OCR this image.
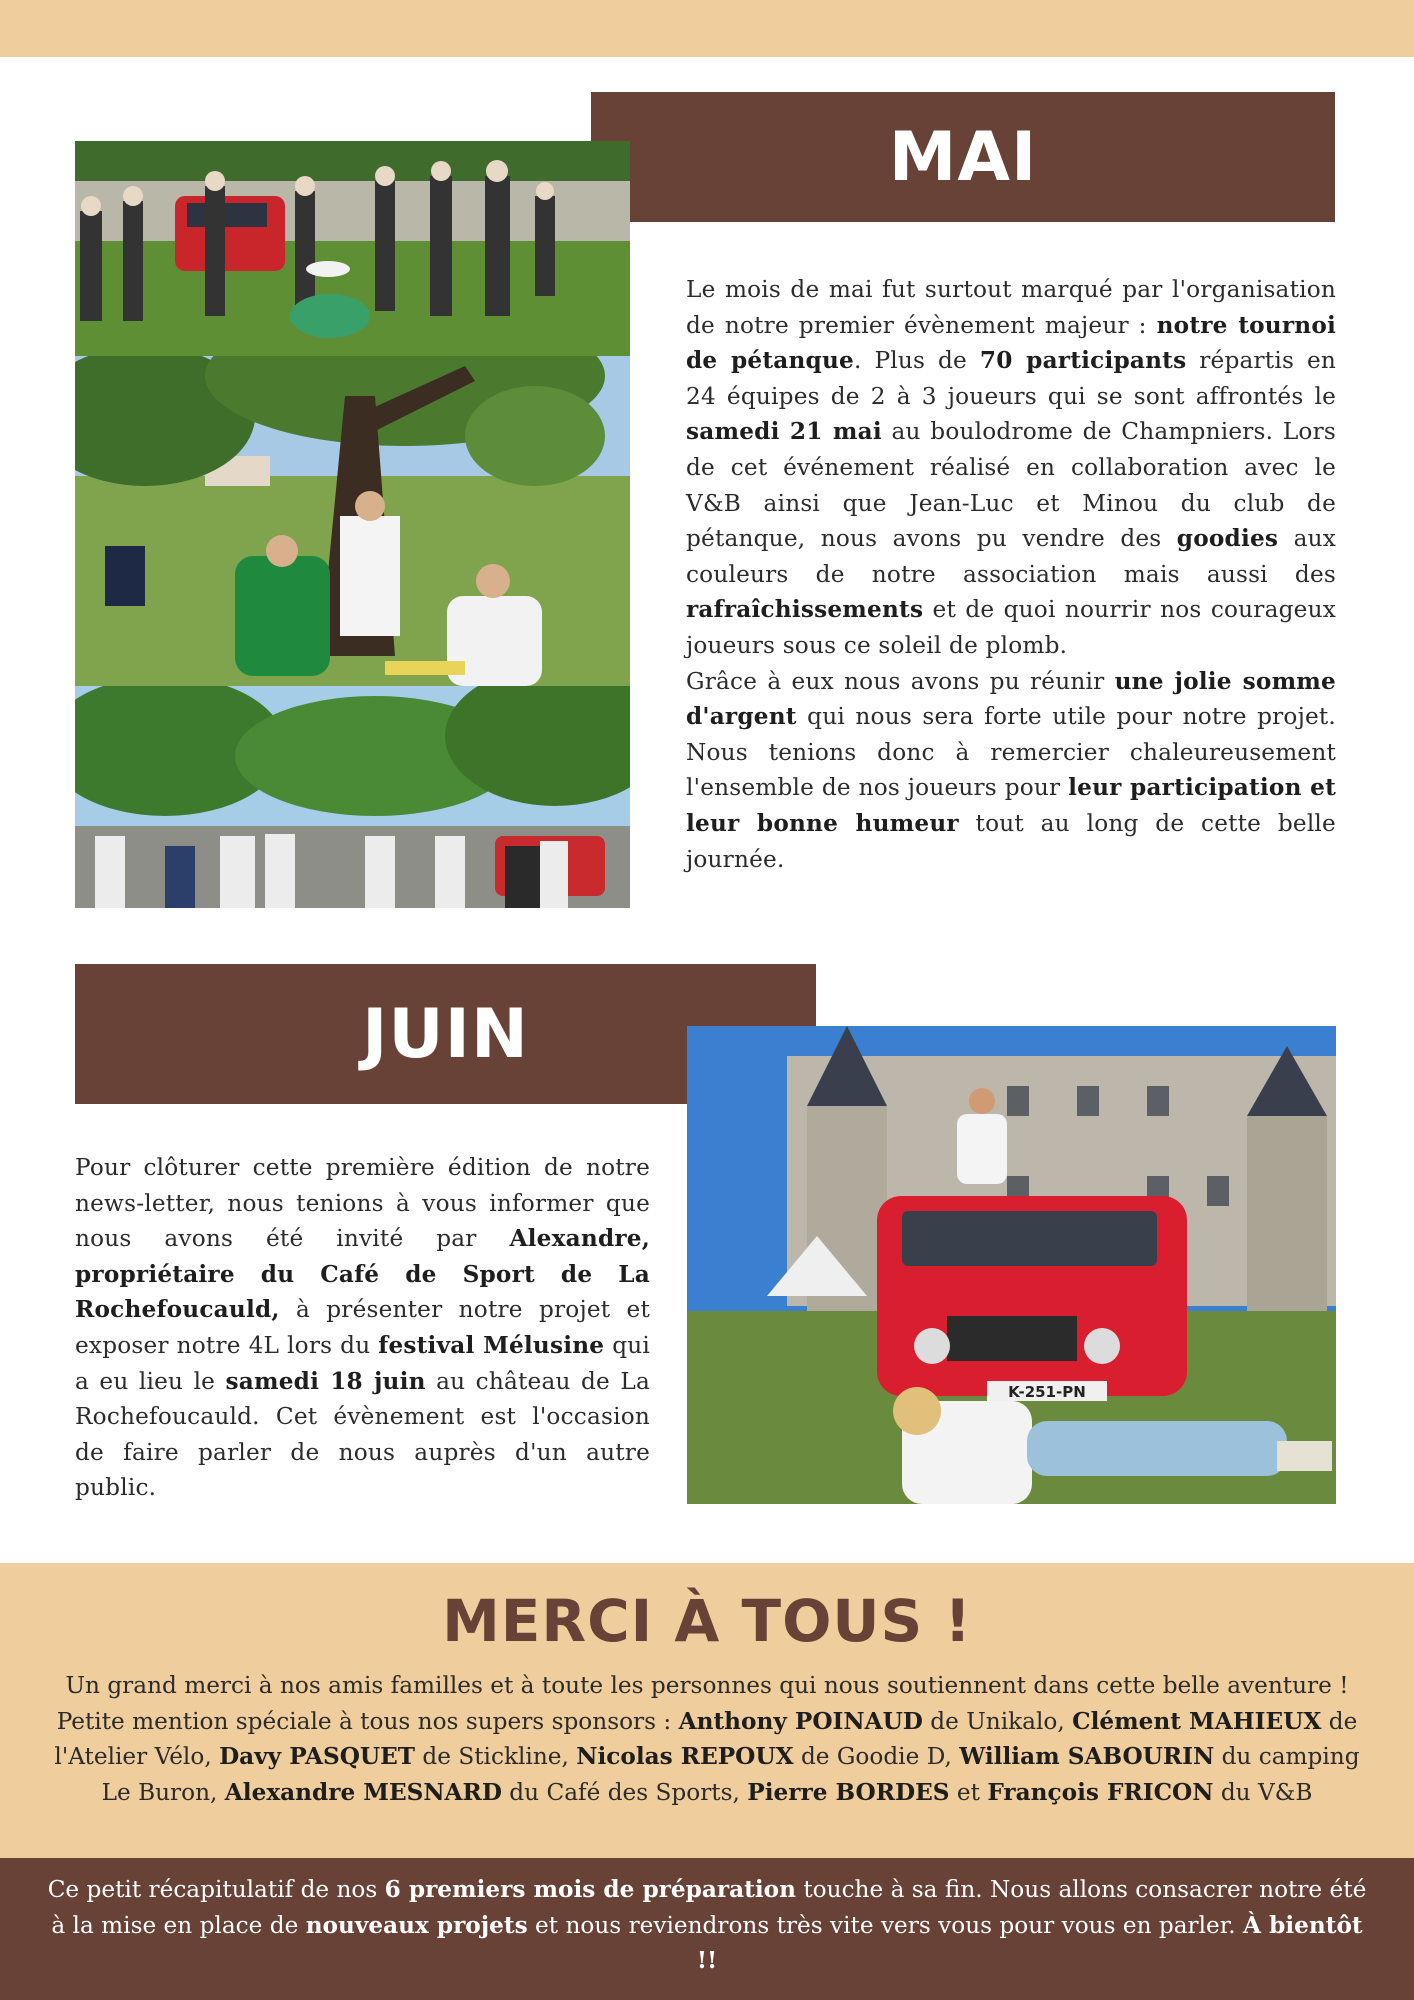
MAI
Le mois de mai fut surtout marqué par l'organisation de notre premier évènement majeur : notre tournoi de pétanque. Plus de 70 participants répartis en 24 équipes de 2 à 3 joueurs qui se sont affrontés le samedi 21 mai au boulodrome de Champniers. Lors de cet événement réalisé en collaboration avec le V&B ainsi que Jean-Luc et Minou du club de pétanque, nous avons pu vendre des goodies aux couleurs de notre association mais aussi des rafraîchissements et de quoi nourrir nos courageux joueurs sous ce soleil de plomb.
Grâce à eux nous avons pu réunir une jolie somme d'argent qui nous sera forte utile pour notre projet. Nous tenions donc à remercier chaleureusement l'ensemble de nos joueurs pour leur participation et leur bonne humeur tout au long de cette belle journée.
JUIN
Pour clôturer cette première édition de notre news-letter, nous tenions à vous informer que nous avons été invité par Alexandre, propriétaire du Café de Sport de La Rochefoucauld, à présenter notre projet et exposer notre 4L lors du festival Mélusine qui a eu lieu le samedi 18 juin au château de La Rochefoucauld. Cet évènement est l'occasion de faire parler de nous auprès d'un autre public.
K-251-PN
MERCI À TOUS !
Un grand merci à nos amis familles et à toute les personnes qui nous soutiennent dans cette belle aventure ! Petite mention spéciale à tous nos supers sponsors : Anthony POINAUD de Unikalo, Clément MAHIEUX de l'Atelier Vélo, Davy PASQUET de Stickline, Nicolas REPOUX de Goodie D, William SABOURIN du camping Le Buron, Alexandre MESNARD du Café des Sports, Pierre BORDES et François FRICON du V&B
Ce petit récapitulatif de nos 6 premiers mois de préparation touche à sa fin. Nous allons consacrer notre été à la mise en place de nouveaux projets et nous reviendrons très vite vers vous pour vous en parler. À bientôt !!
